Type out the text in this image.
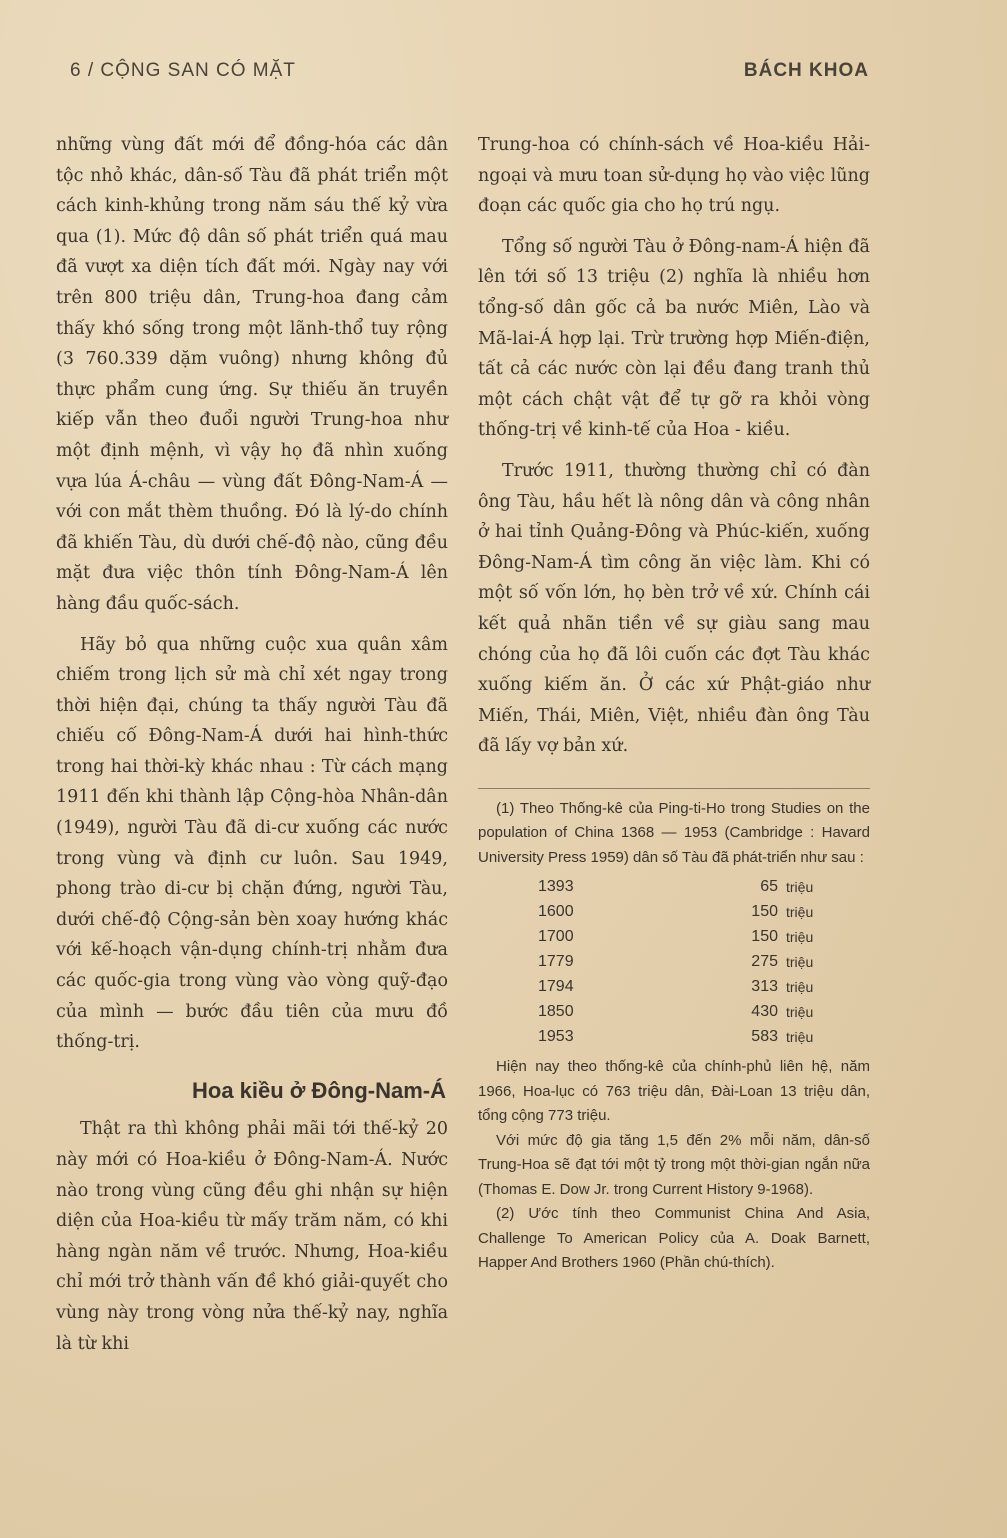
6 / CỘNG SAN CÓ MẶT	BÁCH KHOA

những vùng đất mới để đồng-hóa các dân tộc nhỏ khác, dân-số Tàu đã phát triển một cách kinh-khủng trong năm sáu thế kỷ vừa qua (1). Mức độ dân số phát triển quá mau đã vượt xa diện tích đất mới. Ngày nay với trên 800 triệu dân, Trung-hoa đang cảm thấy khó sống trong một lãnh-thổ tuy rộng (3 760.339 dặm vuông) nhưng không đủ thực phẩm cung ứng. Sự thiếu ăn truyền kiếp vẫn theo đuổi người Trung-hoa như một định mệnh, vì vậy họ đã nhìn xuống vựa lúa Á-châu — vùng đất Đông-Nam-Á — với con mắt thèm thuồng. Đó là lý-do chính đã khiến Tàu, dù dưới chế-độ nào, cũng đều mặt đưa việc thôn tính Đông-Nam-Á lên hàng đầu quốc-sách.

Hãy bỏ qua những cuộc xua quân xâm chiếm trong lịch sử mà chỉ xét ngay trong thời hiện đại, chúng ta thấy người Tàu đã chiếu cố Đông-Nam-Á dưới hai hình-thức trong hai thời-kỳ khác nhau : Từ cách mạng 1911 đến khi thành lập Cộng-hòa Nhân-dân (1949), người Tàu đã di-cư xuống các nước trong vùng và định cư luôn. Sau 1949, phong trào di-cư bị chặn đứng, người Tàu, dưới chế-độ Cộng-sản bèn xoay hướng khác với kế-hoạch vận-dụng chính-trị nhằm đưa các quốc-gia trong vùng vào vòng quỹ-đạo của mình — bước đầu tiên của mưu đồ thống-trị.

Hoa kiều ở Đông-Nam-Á

Thật ra thì không phải mãi tới thế-kỷ 20 này mới có Hoa-kiều ở Đông-Nam-Á. Nước nào trong vùng cũng đều ghi nhận sự hiện diện của Hoa-kiều từ mấy trăm năm, có khi hàng ngàn năm về trước. Nhưng, Hoa-kiều chỉ mới trở thành vấn đề khó giải-quyết cho vùng này trong vòng nửa thế-kỷ nay, nghĩa là từ khi

Trung-hoa có chính-sách về Hoa-kiều Hải-ngoại và mưu toan sử-dụng họ vào việc lũng đoạn các quốc gia cho họ trú ngụ.

Tổng số người Tàu ở Đông-nam-Á hiện đã lên tới số 13 triệu (2) nghĩa là nhiều hơn tổng-số dân gốc cả ba nước Miên, Lào và Mã-lai-Á hợp lại. Trừ trường hợp Miến-điện, tất cả các nước còn lại đều đang tranh thủ một cách chật vật để tự gỡ ra khỏi vòng thống-trị về kinh-tế của Hoa - kiều.

Trước 1911, thường thường chỉ có đàn ông Tàu, hầu hết là nông dân và công nhân ở hai tỉnh Quảng-Đông và Phúc-kiến, xuống Đông-Nam-Á tìm công ăn việc làm. Khi có một số vốn lớn, họ bèn trở về xứ. Chính cái kết quả nhãn tiền về sự giàu sang mau chóng của họ đã lôi cuốn các đợt Tàu khác xuống kiếm ăn. Ở các xứ Phật-giáo như Miến, Thái, Miên, Việt, nhiều đàn ông Tàu đã lấy vợ bản xứ.

(1) Theo Thống-kê của Ping-ti-Ho trong Studies on the population of China 1368 — 1953 (Cambridge : Havard University Press 1959) dân số Tàu đã phát-triển như sau :

1393	65	triệu
1600	150	triệu
1700	150	triệu
1779	275	triệu
1794	313	triệu
1850	430	triệu
1953	583	triệu

Hiện nay theo thống-kê của chính-phủ liên hệ, năm 1966, Hoa-lục có 763 triệu dân, Đài-Loan 13 triệu dân, tổng cộng 773 triệu.

Với mức độ gia tăng 1,5 đến 2% mỗi năm, dân-số Trung-Hoa sẽ đạt tới một tỷ trong một thời-gian ngắn nữa (Thomas E. Dow Jr. trong Current History 9-1968).

(2) Ước tính theo Communist China And Asia, Challenge To American Policy của A. Doak Barnett, Happer And Brothers 1960 (Phần chú-thích).
